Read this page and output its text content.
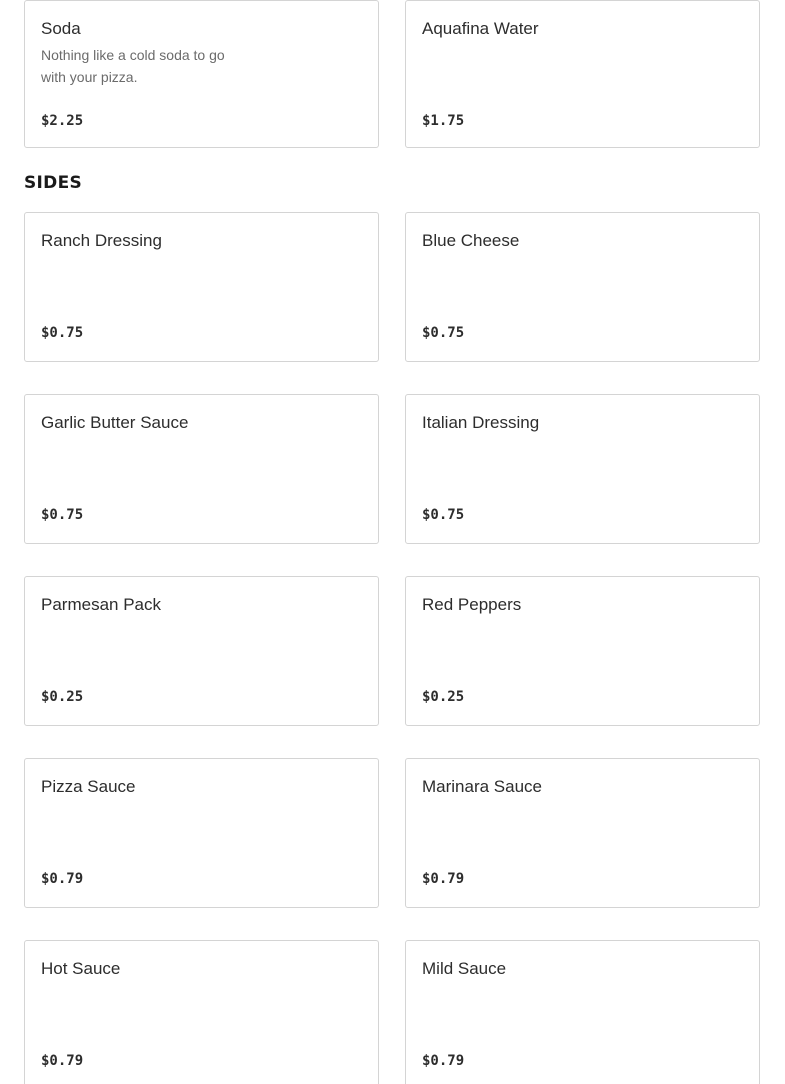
Soda
Nothing like a cold soda to go with your pizza.
$2.25
Aquafina Water
$1.75
SIDES
Ranch Dressing
$0.75
Blue Cheese
$0.75
Garlic Butter Sauce
$0.75
Italian Dressing
$0.75
Parmesan Pack
$0.25
Red Peppers
$0.25
Pizza Sauce
$0.79
Marinara Sauce
$0.79
Hot Sauce
$0.79
Mild Sauce
$0.79
